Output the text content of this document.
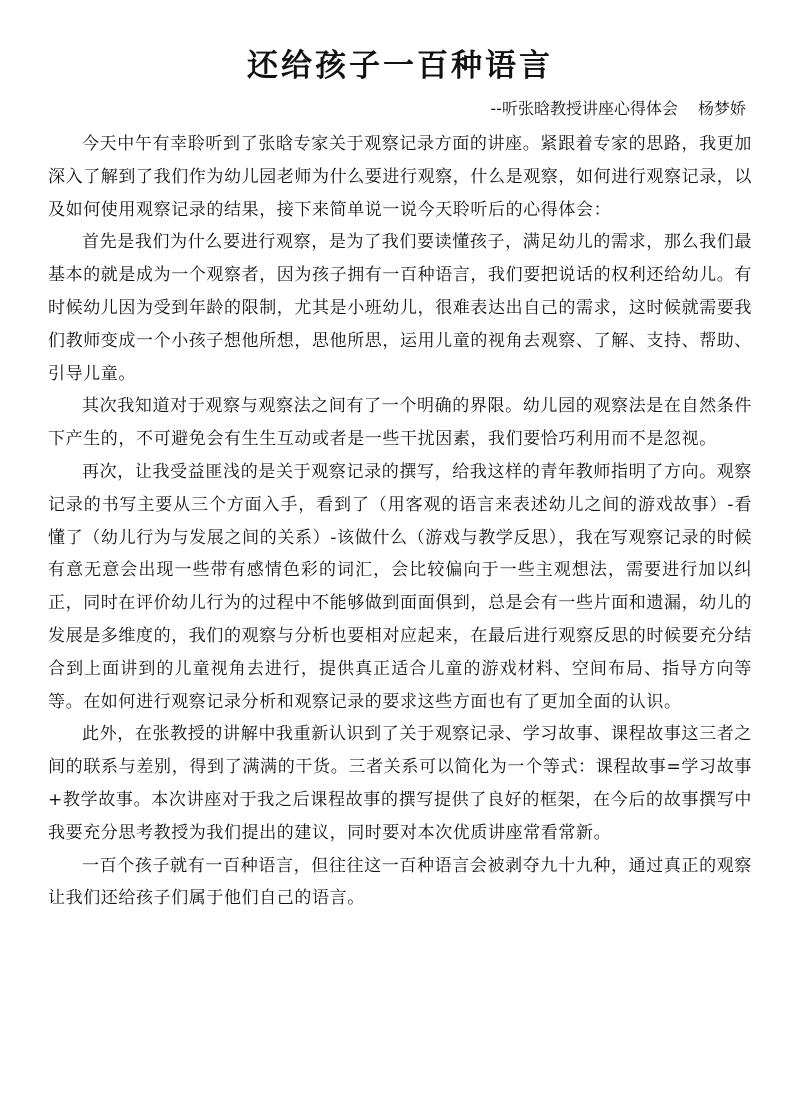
还给孩子一百种语言
--听张晗教授讲座心得体会 杨梦娇

今天中午有幸聆听到了张晗专家关于观察记录方面的讲座。紧跟着专家的思路，我更加深入了解到了我们作为幼儿园老师为什么要进行观察，什么是观察，如何进行观察记录，以及如何使用观察记录的结果，接下来简单说一说今天聆听后的心得体会：

首先是我们为什么要进行观察，是为了我们要读懂孩子，满足幼儿的需求，那么我们最基本的就是成为一个观察者，因为孩子拥有一百种语言，我们要把说话的权利还给幼儿。有时候幼儿因为受到年龄的限制，尤其是小班幼儿，很难表达出自己的需求，这时候就需要我们教师变成一个小孩子想他所想，思他所思，运用儿童的视角去观察、了解、支持、帮助、引导儿童。

其次我知道对于观察与观察法之间有了一个明确的界限。幼儿园的观察法是在自然条件下产生的，不可避免会有生生互动或者是一些干扰因素，我们要恰巧利用而不是忽视。

再次，让我受益匪浅的是关于观察记录的撰写，给我这样的青年教师指明了方向。观察记录的书写主要从三个方面入手，看到了（用客观的语言来表述幼儿之间的游戏故事）-看懂了（幼儿行为与发展之间的关系）-该做什么（游戏与教学反思），我在写观察记录的时候有意无意会出现一些带有感情色彩的词汇，会比较偏向于一些主观想法，需要进行加以纠正，同时在评价幼儿行为的过程中不能够做到面面俱到，总是会有一些片面和遗漏，幼儿的发展是多维度的，我们的观察与分析也要相对应起来，在最后进行观察反思的时候要充分结合到上面讲到的儿童视角去进行，提供真正适合儿童的游戏材料、空间布局、指导方向等等。在如何进行观察记录分析和观察记录的要求这些方面也有了更加全面的认识。

此外，在张教授的讲解中我重新认识到了关于观察记录、学习故事、课程故事这三者之间的联系与差别，得到了满满的干货。三者关系可以简化为一个等式：课程故事=学习故事+教学故事。本次讲座对于我之后课程故事的撰写提供了良好的框架，在今后的故事撰写中我要充分思考教授为我们提出的建议，同时要对本次优质讲座常看常新。

一百个孩子就有一百种语言，但往往这一百种语言会被剥夺九十九种，通过真正的观察让我们还给孩子们属于他们自己的语言。
